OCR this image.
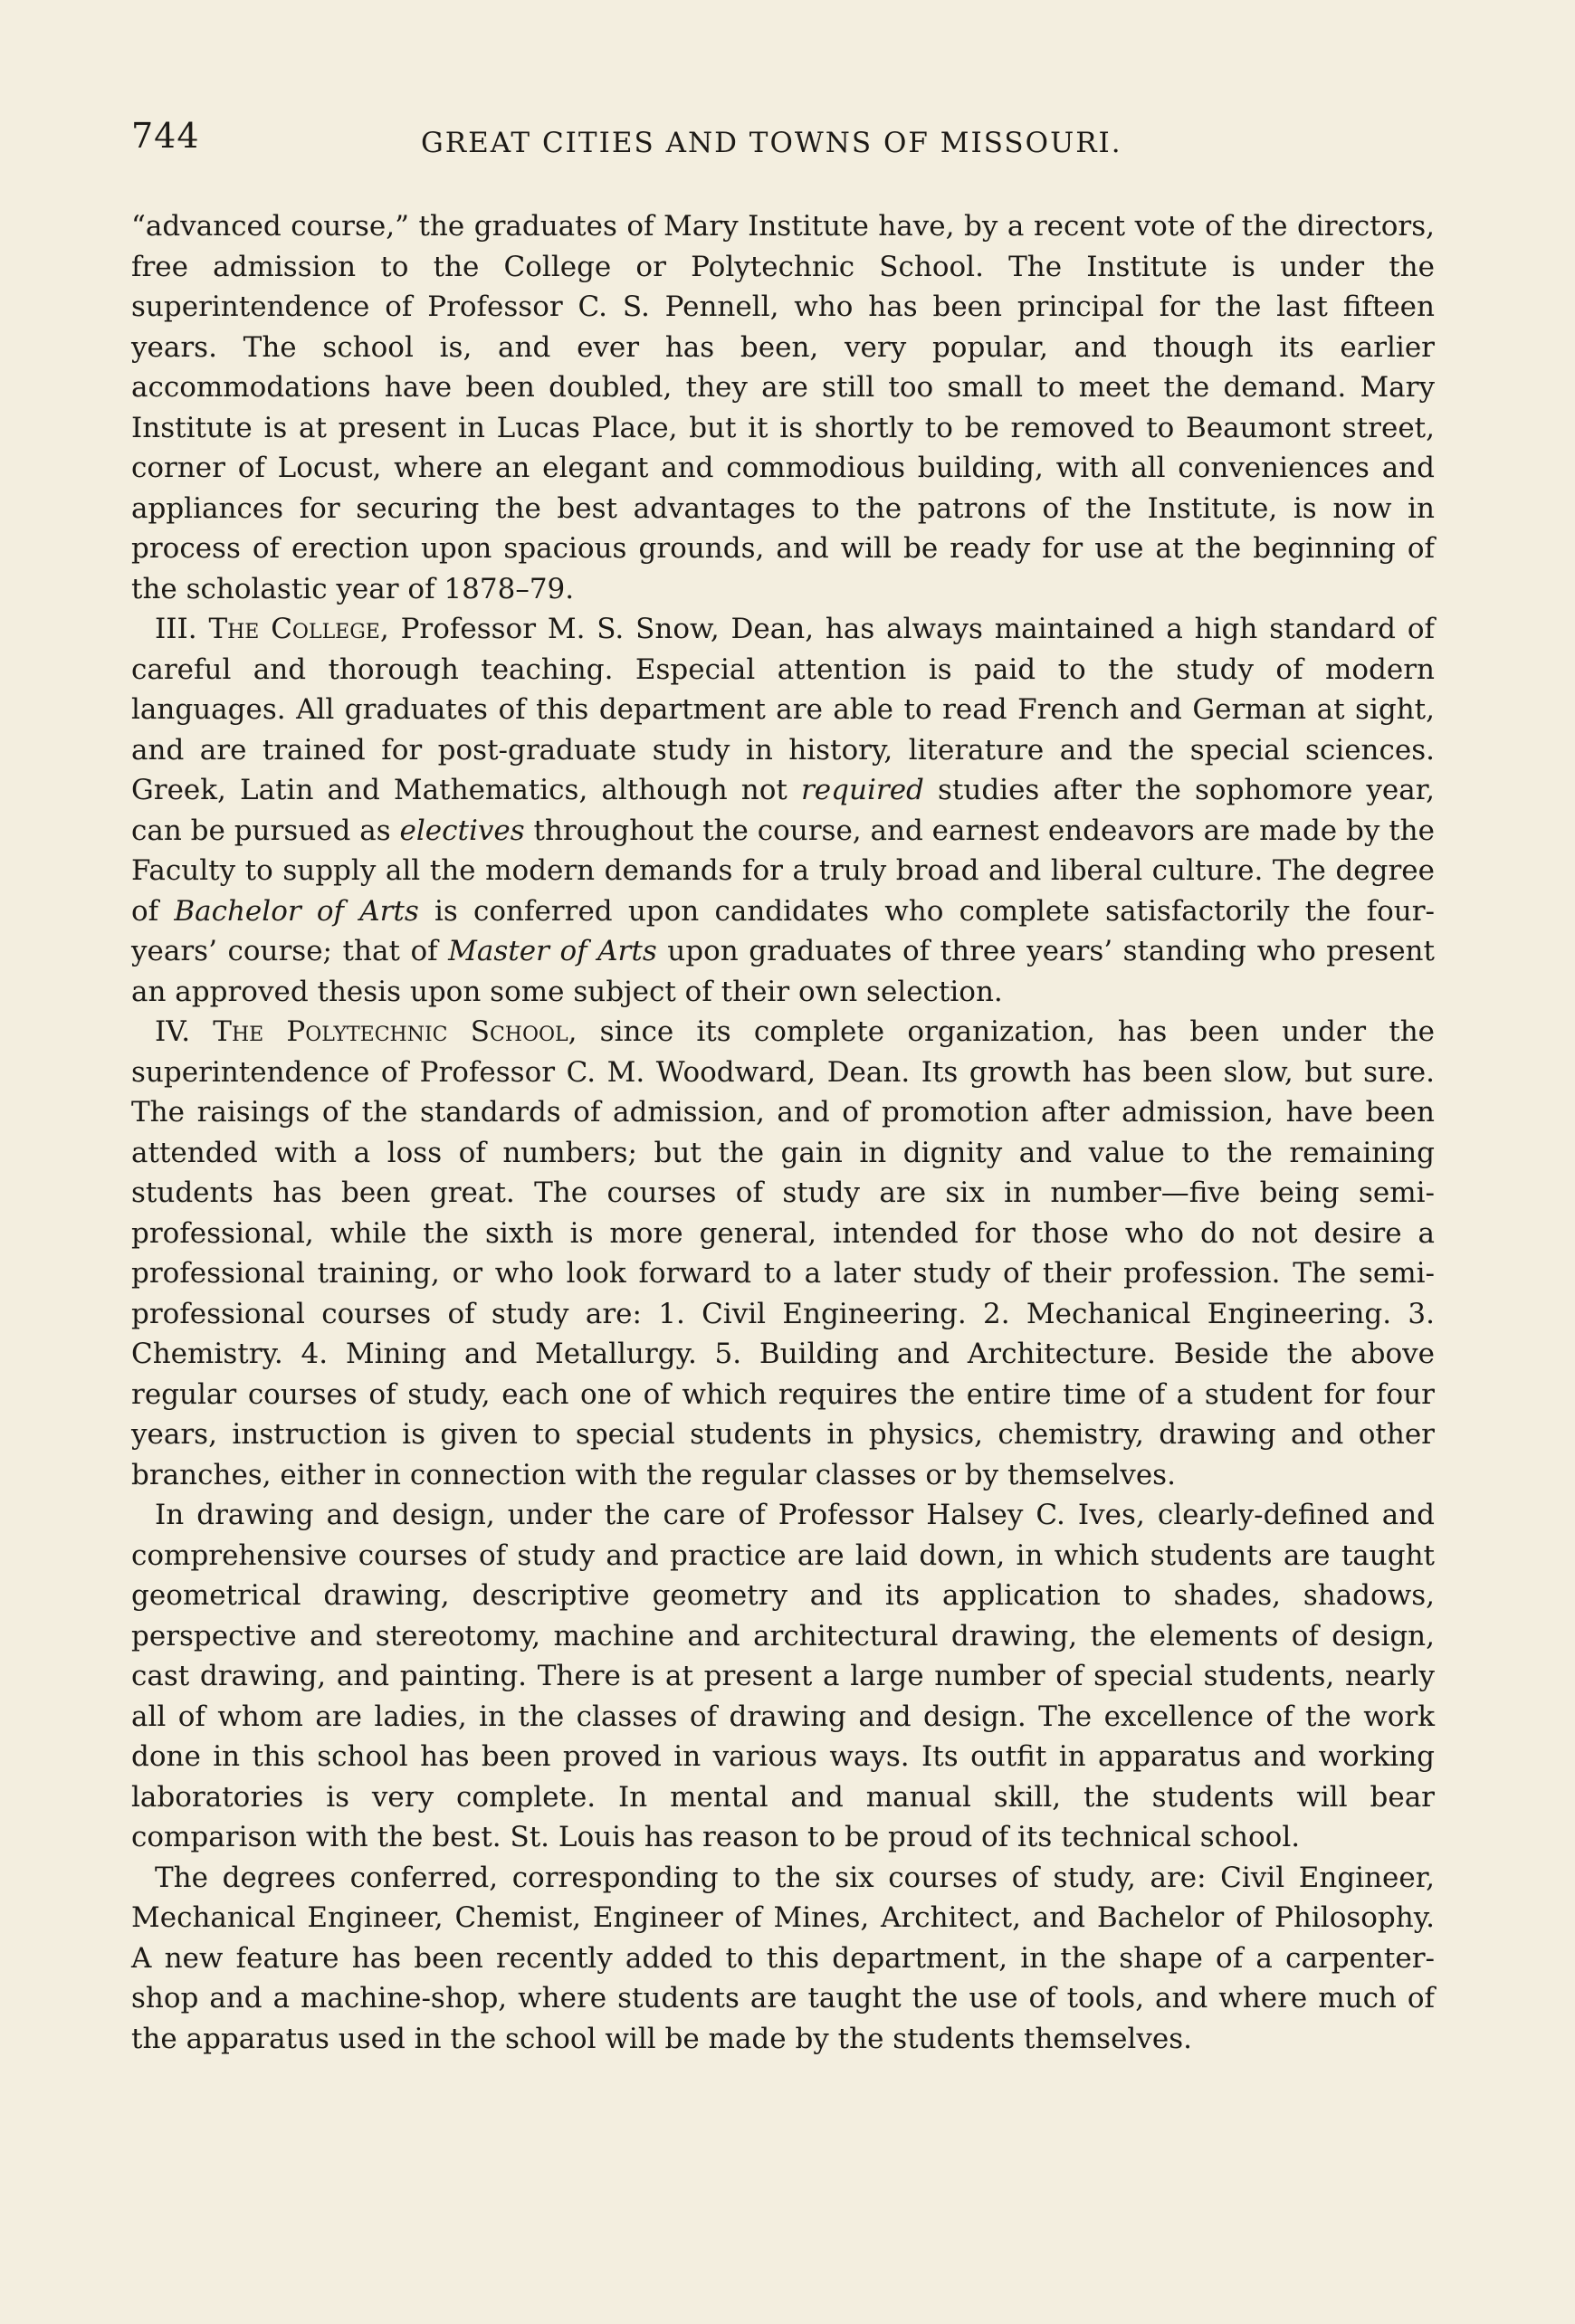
744	GREAT CITIES AND TOWNS OF MISSOURI.

“advanced course,” the graduates of Mary Institute have, by a recent vote of the directors, free admission to the College or Polytechnic School. The Institute is under the superintendence of Professor C. S. Pennell, who has been principal for the last fifteen years. The school is, and ever has been, very popular, and though its earlier accommodations have been doubled, they are still too small to meet the demand. Mary Institute is at present in Lucas Place, but it is shortly to be removed to Beaumont street, corner of Locust, where an elegant and commodious building, with all conveniences and appliances for securing the best advantages to the patrons of the Institute, is now in process of erection upon spacious grounds, and will be ready for use at the beginning of the scholastic year of 1878–79.

III. The College, Professor M. S. Snow, Dean, has always maintained a high standard of careful and thorough teaching. Especial attention is paid to the study of modern languages. All graduates of this department are able to read French and German at sight, and are trained for post-graduate study in history, literature and the special sciences. Greek, Latin and Mathematics, although not required studies after the sophomore year, can be pursued as electives throughout the course, and earnest endeavors are made by the Faculty to supply all the modern demands for a truly broad and liberal culture. The degree of Bachelor of Arts is conferred upon candidates who complete satisfactorily the four-years’ course; that of Master of Arts upon graduates of three years’ standing who present an approved thesis upon some subject of their own selection.

IV. The Polytechnic School, since its complete organization, has been under the superintendence of Professor C. M. Woodward, Dean. Its growth has been slow, but sure. The raisings of the standards of admission, and of promotion after admission, have been attended with a loss of numbers; but the gain in dignity and value to the remaining students has been great. The courses of study are six in number—five being semi-professional, while the sixth is more general, intended for those who do not desire a professional training, or who look forward to a later study of their profession. The semi-professional courses of study are: 1. Civil Engineering. 2. Mechanical Engineering. 3. Chemistry. 4. Mining and Metallurgy. 5. Building and Architecture. Beside the above regular courses of study, each one of which requires the entire time of a student for four years, instruction is given to special students in physics, chemistry, drawing and other branches, either in connection with the regular classes or by themselves.

In drawing and design, under the care of Professor Halsey C. Ives, clearly-defined and comprehensive courses of study and practice are laid down, in which students are taught geometrical drawing, descriptive geometry and its application to shades, shadows, perspective and stereotomy, machine and architectural drawing, the elements of design, cast drawing, and painting. There is at present a large number of special students, nearly all of whom are ladies, in the classes of drawing and design. The excellence of the work done in this school has been proved in various ways. Its outfit in apparatus and working laboratories is very complete. In mental and manual skill, the students will bear comparison with the best. St. Louis has reason to be proud of its technical school.

The degrees conferred, corresponding to the six courses of study, are: Civil Engineer, Mechanical Engineer, Chemist, Engineer of Mines, Architect, and Bachelor of Philosophy. A new feature has been recently added to this department, in the shape of a carpenter-shop and a machine-shop, where students are taught the use of tools, and where much of the apparatus used in the school will be made by the students themselves.
